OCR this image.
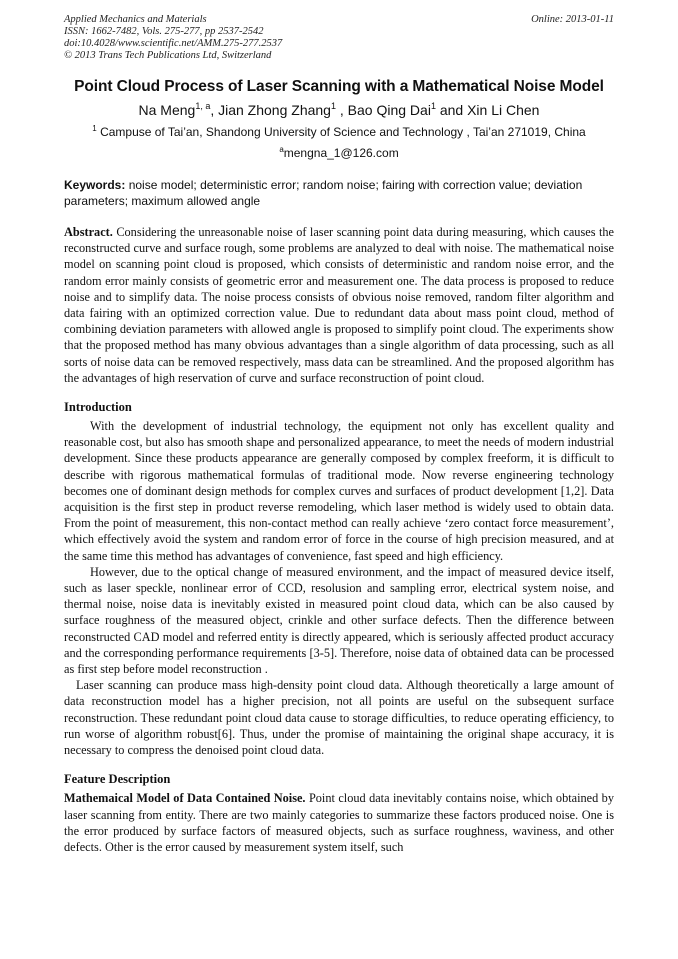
Applied Mechanics and Materials
ISSN: 1662-7482, Vols. 275-277, pp 2537-2542
doi:10.4028/www.scientific.net/AMM.275-277.2537
© 2013 Trans Tech Publications Ltd, Switzerland
Online: 2013-01-11
Point Cloud Process of Laser Scanning with a Mathematical Noise Model
Na Meng$^{1, a}$, Jian Zhong Zhang$^1$ , Bao Qing Dai$^1$ and Xin Li Chen
$^1$ Campuse of Tai’an, Shandong University of Science and Technology , Tai’an 271019, China
$^a$mengna_1@126.com
Keywords: noise model; deterministic error; random noise; fairing with correction value; deviation parameters; maximum allowed angle
Abstract. Considering the unreasonable noise of laser scanning point data during measuring, which causes the reconstructed curve and surface rough, some problems are analyzed to deal with noise. The mathematical noise model on scanning point cloud is proposed, which consists of deterministic and random noise error, and the random error mainly consists of geometric error and measurement one. The data process is proposed to reduce noise and to simplify data. The noise process consists of obvious noise removed, random filter algorithm and data fairing with an optimized correction value. Due to redundant data about mass point cloud, method of combining deviation parameters with allowed angle is proposed to simplify point cloud. The experiments show that the proposed method has many obvious advantages than a single algorithm of data processing, such as all sorts of noise data can be removed respectively, mass data can be streamlined. And the proposed algorithm has the advantages of high reservation of curve and surface reconstruction of point cloud.
Introduction

With the development of industrial technology, the equipment not only has excellent quality and reasonable cost, but also has smooth shape and personalized appearance, to meet the needs of modern industrial development. Since these products appearance are generally composed by complex freeform, it is difficult to describe with rigorous mathematical formulas of traditional mode. Now reverse engineering technology becomes one of dominant design methods for complex curves and surfaces of product development [1,2]. Data acquisition is the first step in product reverse remodeling, which laser method is widely used to obtain data. From the point of measurement, this non-contact method can really achieve ‘zero contact force measurement’, which effectively avoid the system and random error of force in the course of high precision measured, and at the same time this method has advantages of convenience, fast speed and high efficiency.

However, due to the optical change of measured environment, and the impact of measured device itself, such as laser speckle, nonlinear error of CCD, resolusion and sampling error, electrical system noise, and thermal noise, noise data is inevitably existed in measured point cloud data, which can be also caused by surface roughness of the measured object, crinkle and other surface defects. Then the difference between reconstructed CAD model and referred entity is directly appeared, which is seriously affected product accuracy and the corresponding performance requirements [3-5]. Therefore, noise data of obtained data can be processed as first step before model reconstruction .

Laser scanning can produce mass high-density point cloud data. Although theoretically a large amount of data reconstruction model has a higher precision, not all points are useful on the subsequent surface reconstruction. These redundant point cloud data cause to storage difficulties, to reduce operating efficiency, to run worse of algorithm robust[6]. Thus, under the promise of maintaining the original shape accuracy, it is necessary to compress the denoised point cloud data.

Feature Description

Mathemaical Model of Data Contained Noise. Point cloud data inevitably contains noise, which obtained by laser scanning from entity. There are two mainly categories to summarize these factors produced noise. One is the error produced by surface factors of measured objects, such as surface roughness, waviness, and other defects. Other is the error caused by measurement system itself, such
